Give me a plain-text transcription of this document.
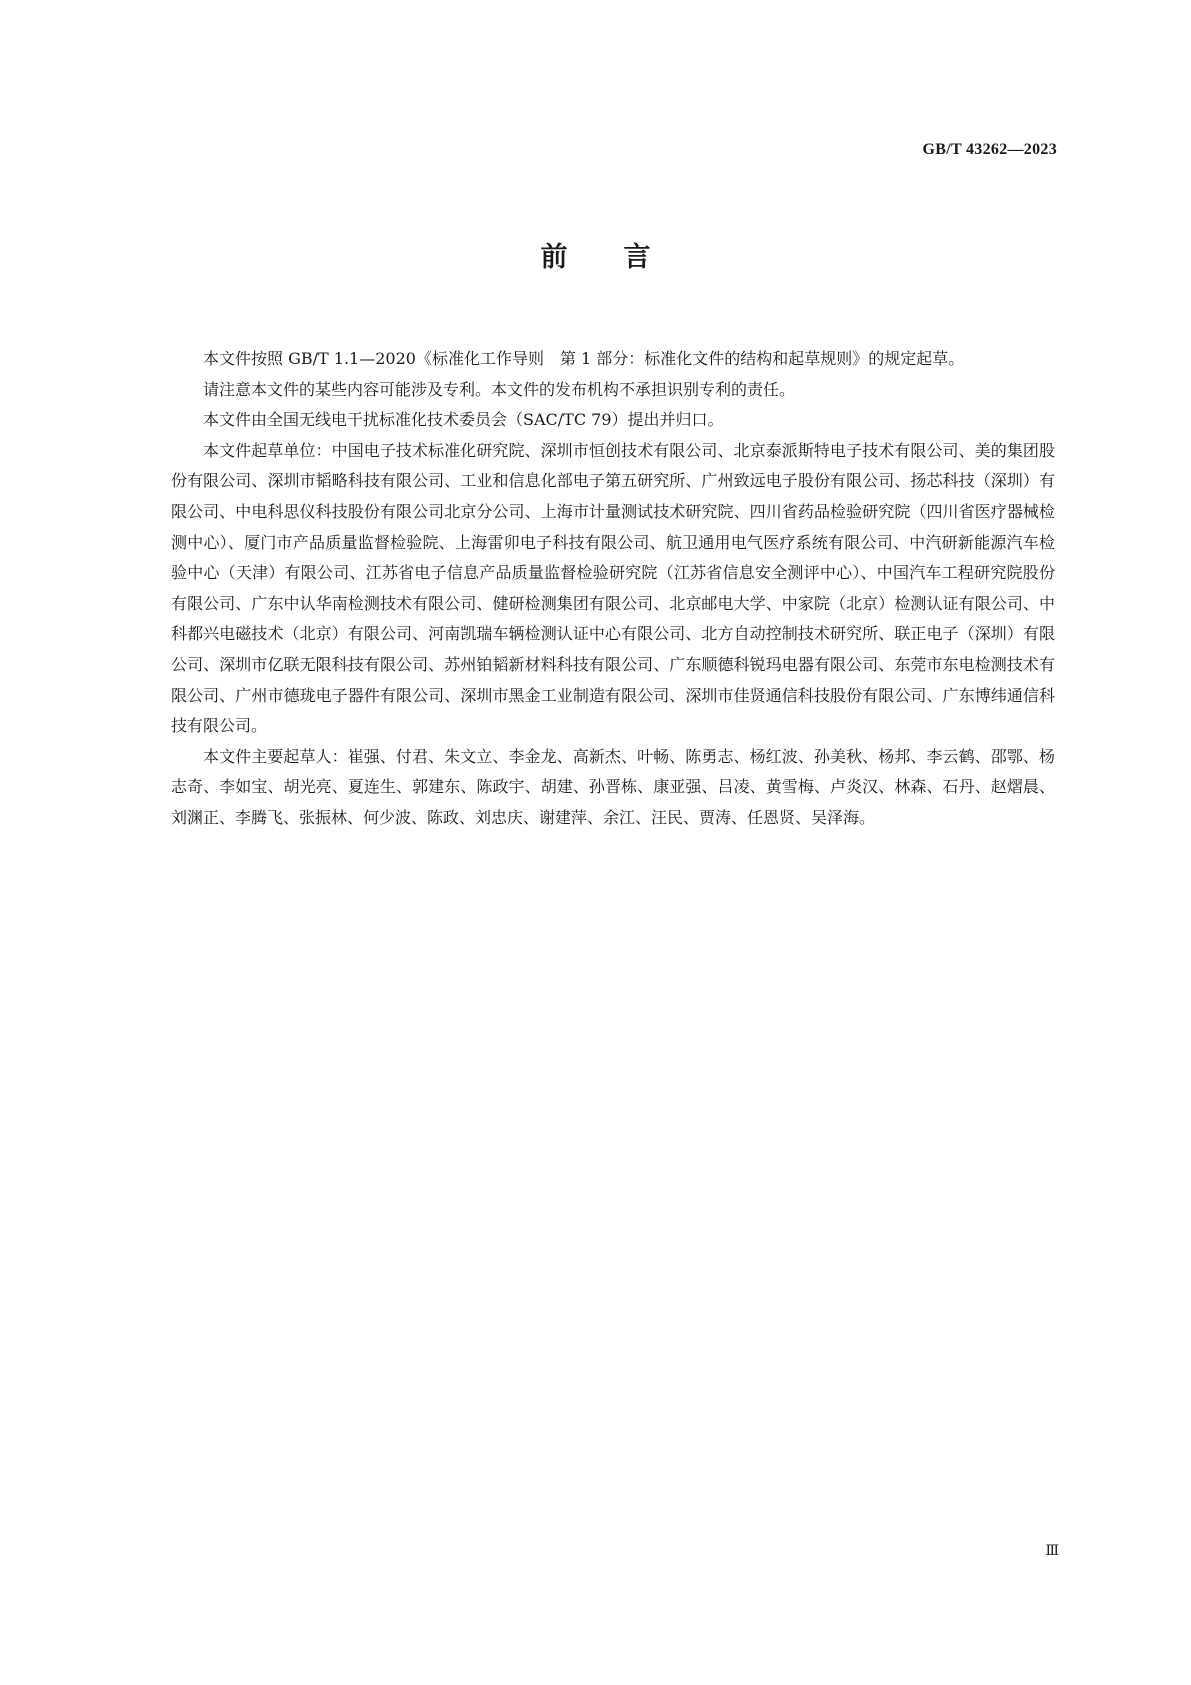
GB/T 43262—2023
前言

本文件按照 GB/T 1.1—2020《标准化工作导则　第 1 部分：标准化文件的结构和起草规则》的规定起草。

请注意本文件的某些内容可能涉及专利。本文件的发布机构不承担识别专利的责任。

本文件由全国无线电干扰标准化技术委员会（SAC/TC 79）提出并归口。

本文件起草单位：中国电子技术标准化研究院、深圳市恒创技术有限公司、北京泰派斯特电子技术有限公司、美的集团股份有限公司、深圳市韬略科技有限公司、工业和信息化部电子第五研究所、广州致远电子股份有限公司、扬芯科技（深圳）有限公司、中电科思仪科技股份有限公司北京分公司、上海市计量测试技术研究院、四川省药品检验研究院（四川省医疗器械检测中心）、厦门市产品质量监督检验院、上海雷卯电子科技有限公司、航卫通用电气医疗系统有限公司、中汽研新能源汽车检验中心（天津）有限公司、江苏省电子信息产品质量监督检验研究院（江苏省信息安全测评中心）、中国汽车工程研究院股份有限公司、广东中认华南检测技术有限公司、健研检测集团有限公司、北京邮电大学、中家院（北京）检测认证有限公司、中科都兴电磁技术（北京）有限公司、河南凯瑞车辆检测认证中心有限公司、北方自动控制技术研究所、联正电子（深圳）有限公司、深圳市亿联无限科技有限公司、苏州铂韬新材料科技有限公司、广东顺德科锐玛电器有限公司、东莞市东电检测技术有限公司、广州市德珑电子器件有限公司、深圳市黑金工业制造有限公司、深圳市佳贤通信科技股份有限公司、广东博纬通信科技有限公司。

本文件主要起草人：崔强、付君、朱文立、李金龙、高新杰、叶畅、陈勇志、杨红波、孙美秋、杨邦、李云鹤、邵鄂、杨志奇、李如宝、胡光亮、夏连生、郭建东、陈政宇、胡建、孙晋栋、康亚强、吕凌、黄雪梅、卢炎汉、林森、石丹、赵熠晨、刘渊正、李腾飞、张振林、何少波、陈政、刘忠庆、谢建萍、余江、汪民、贾涛、任恩贤、吴泽海。

Ⅲ
